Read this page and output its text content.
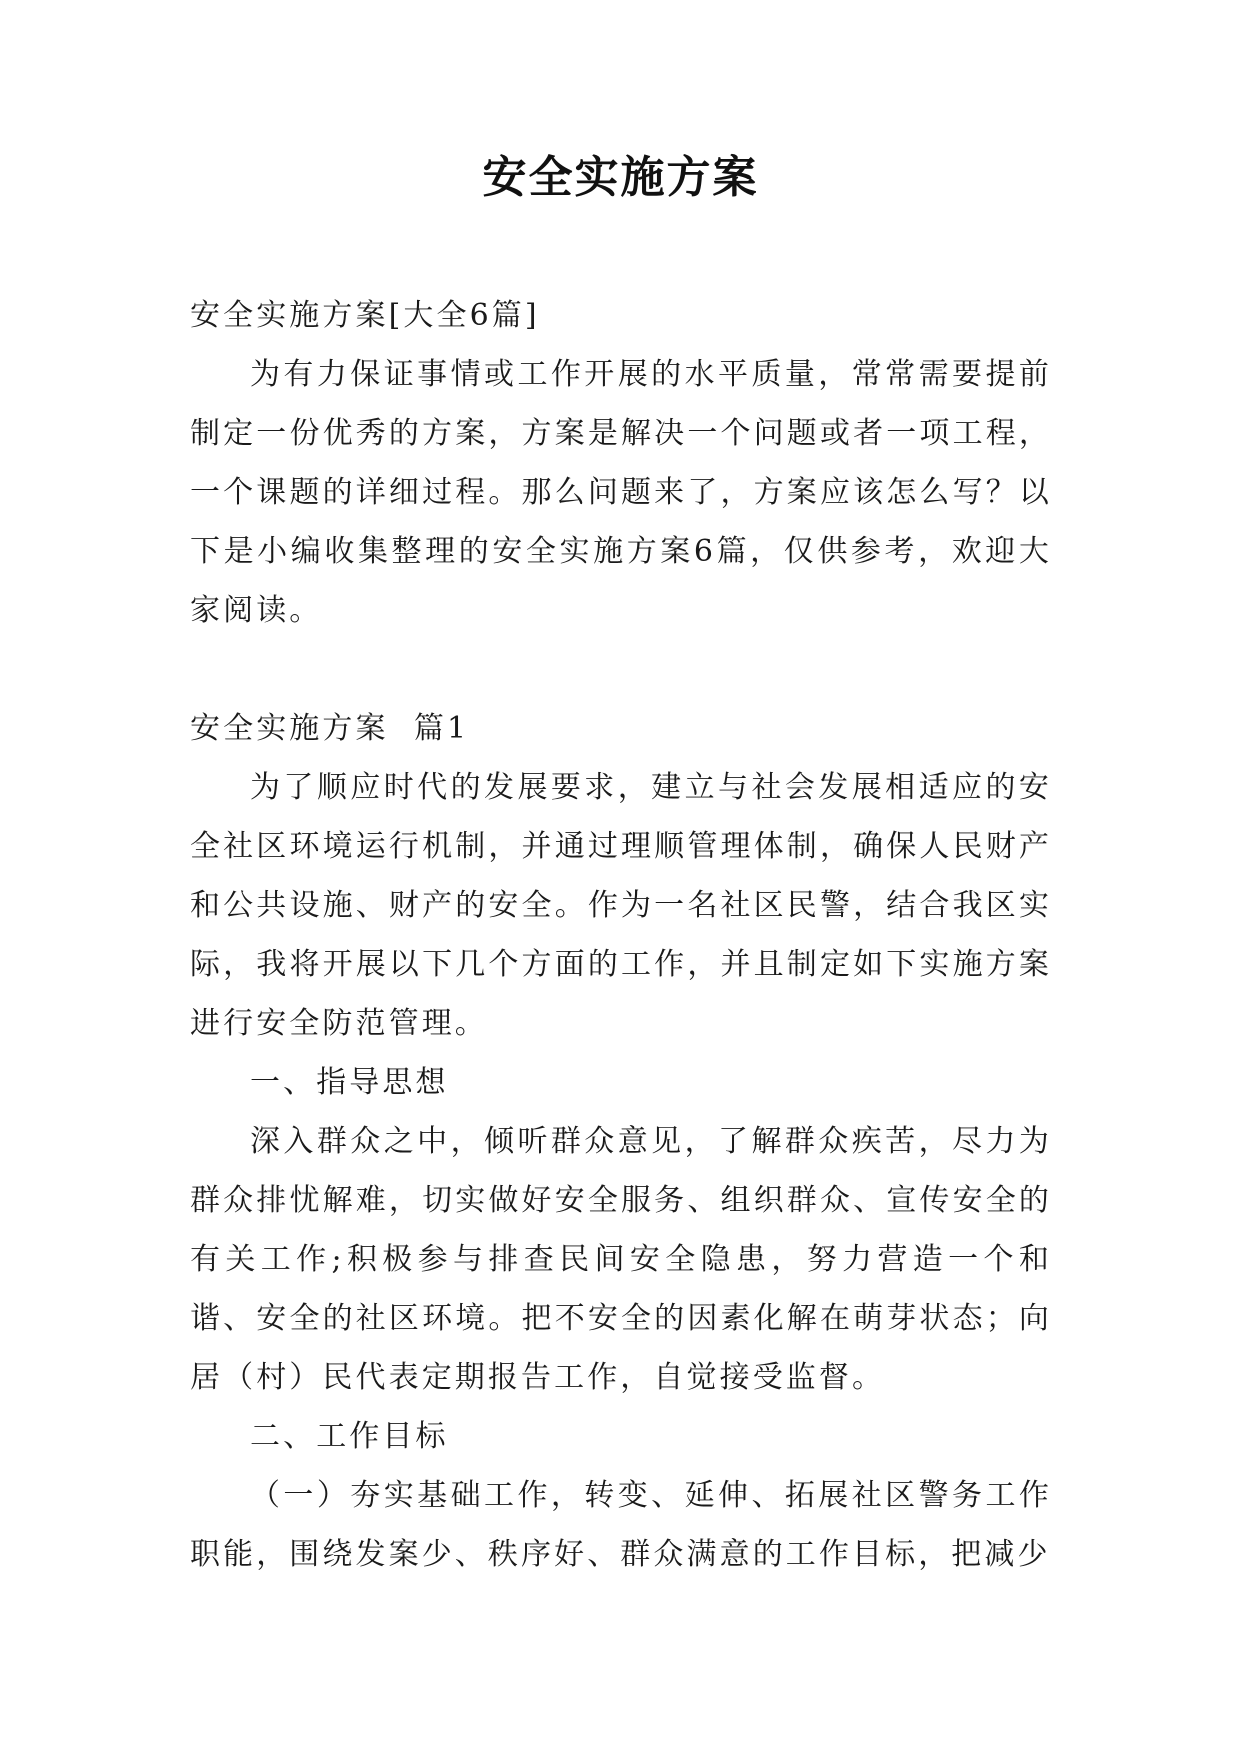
安全实施方案

安全实施方案[大全6篇]

为有力保证事情或工作开展的水平质量，常常需要提前制定一份优秀的方案，方案是解决一个问题或者一项工程，一个课题的详细过程。那么问题来了，方案应该怎么写？以下是小编收集整理的安全实施方案6篇，仅供参考，欢迎大家阅读。

安全实施方案  篇1

为了顺应时代的发展要求，建立与社会发展相适应的安全社区环境运行机制，并通过理顺管理体制，确保人民财产和公共设施、财产的安全。作为一名社区民警，结合我区实际，我将开展以下几个方面的工作，并且制定如下实施方案进行安全防范管理。

一、指导思想

深入群众之中，倾听群众意见，了解群众疾苦，尽力为群众排忧解难，切实做好安全服务、组织群众、宣传安全的有关工作;积极参与排查民间安全隐患，努力营造一个和谐、安全的社区环境。把不安全的因素化解在萌芽状态；向居（村）民代表定期报告工作，自觉接受监督。

二、工作目标

（一）夯实基础工作，转变、延伸、拓展社区警务工作职能，围绕发案少、秩序好、群众满意的工作目标，把减少
